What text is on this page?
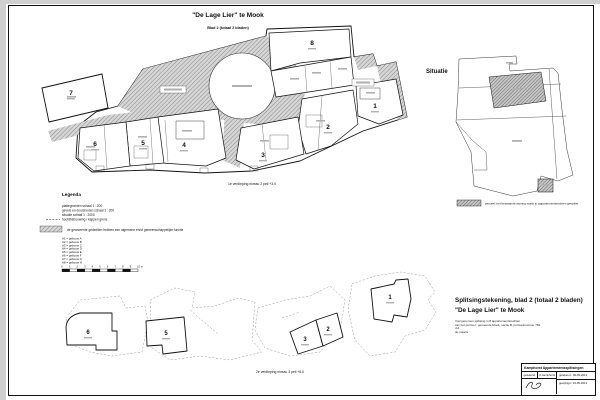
"De Lage Lier" te Mook
Blad 2 (totaal 2 bladen)
7
6	5	4
3
2
1
8
1e verdieping niveau 2 peil +3,0
Situatie
perceel met bestaande woning wordt in appartementsrechten gesplitst
Legenda
plattegronden schaal 1 : 200
gevels en doorsneden schaal 1 : 200
situatie schaal 1 : 2000
hoofdbebouwing / kappen grens
de gearceerde gedeelten hebben een algemene en/of gemeenschappelijke functie
A1 = gebouw A
A2 = gebouw B
A3 = gebouw C
A4 = gebouw D
A5 = gebouw E
A6 = gebouw F
A7 = gebouw G
A8 = gebouw H
0 1 2 3 4 5 6 7 8 9 10 m
6	5
3
2
1
2e verdieping niveau 3 peil +6,0
Splitsingstekening, blad 2 (totaal 2 bladen)
"De Lage Lier" te Mook
Voorgenomen splitsing in 8 appartementsrechten
van het perceel : gemeente Mook, sectie B, perceelnummer 784
d.d.
de notaris
Kamphorst Appartementssplitsingen
getekend	d. kamphorst	getekend : 09-05-2012
gewijzigd : 19-05-2012
